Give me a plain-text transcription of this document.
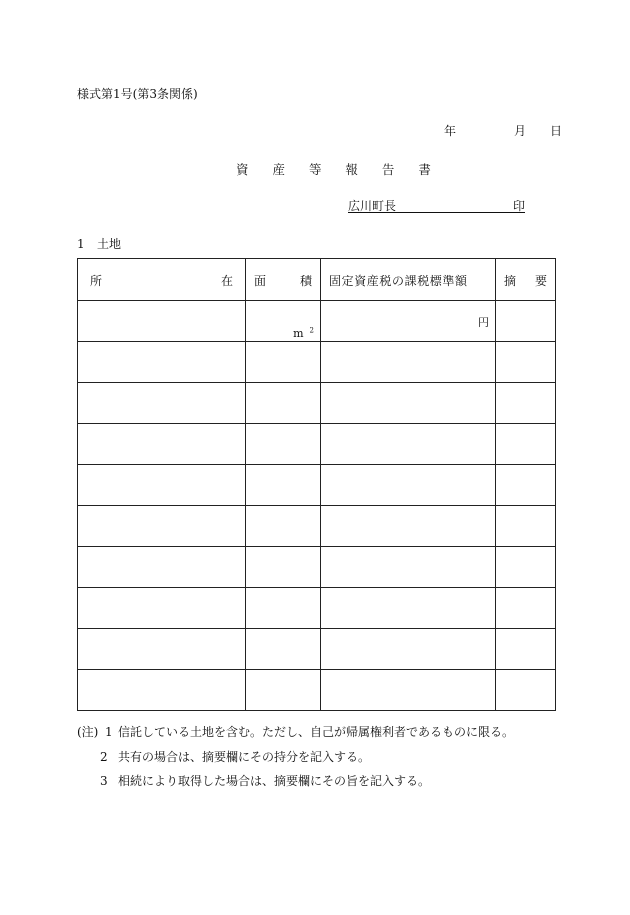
様式第1号(第3条関係)
年	月 日
資 産 等 報 告 書
広川町長	印

1 土地
所 在	面 積	固定資産税の課税標準額	摘 要

	m $^2$	円	

(注) 1 信託している土地を含む。ただし、自己が帰属権利者であるものに限る。
2 共有の場合は、摘要欄にその持分を記入する。
3 相続により取得した場合は、摘要欄にその旨を記入する。
